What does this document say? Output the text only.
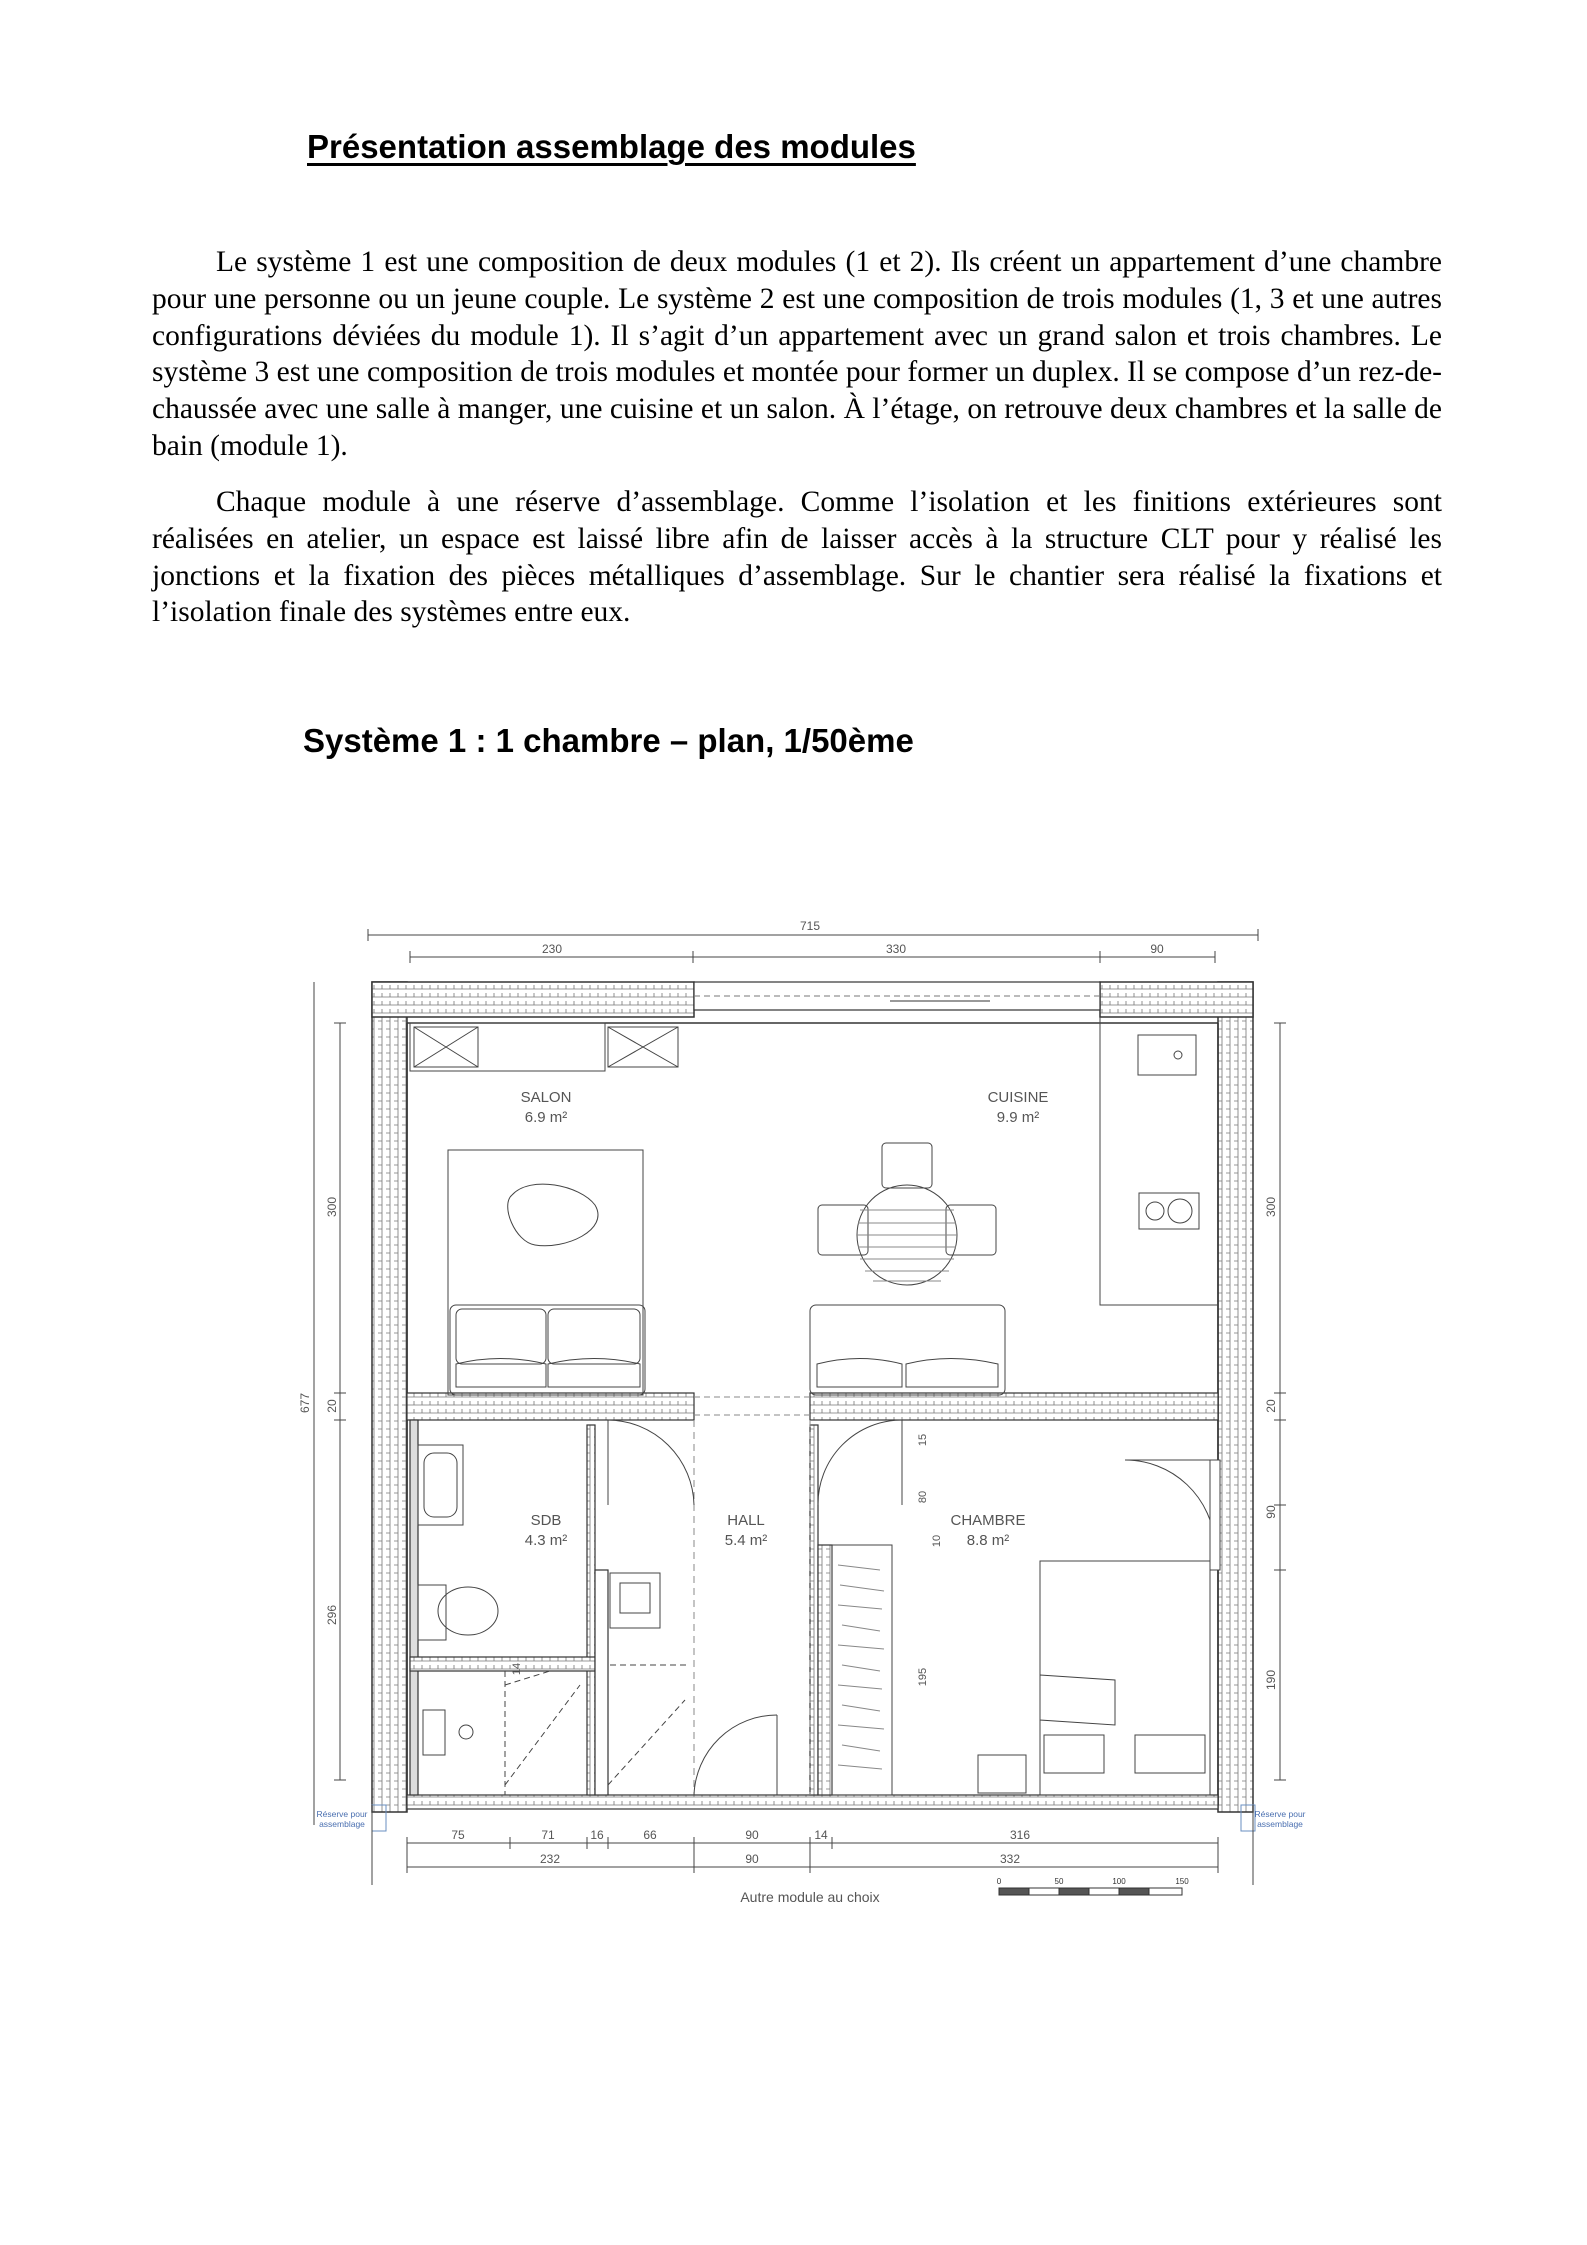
Présentation assemblage des modules

Le système 1 est une composition de deux modules (1 et 2). Ils créent un appartement d’une chambre pour une personne ou un jeune couple. Le système 2 est une composition de trois modules (1, 3 et une autres configurations déviées du module 1). Il s’agit d’un appartement avec un grand salon et trois chambres. Le système 3 est une composition de trois modules et montée pour former un duplex. Il se compose d’un rez-de-chaussée avec une salle à manger, une cuisine et un salon. À l’étage, on retrouve deux chambres et la salle de bain (module 1).

Chaque module à une réserve d’assemblage. Comme l’isolation et les finitions extérieures sont réalisées en atelier, un espace est laissé libre afin de laisser accès à la structure CLT pour y réalisé les jonctions et la fixation des pièces métalliques d’assemblage. Sur le chantier sera réalisé la fixations et l’isolation finale des systèmes entre eux.

Système 1 : 1 chambre – plan, 1/50ème
715
230	330	90
677
300
20
296
300
20
90
190
Réserve pour
assemblage
Réserve pour
assemblage
SALON
6.9 m²
CUISINE
9.9 m²
SDB
4.3 m²
HALL
5.4 m²
CHAMBRE
8.8 m²
15
80
10
195
14
75	71	16	66	90	14	316
232	90	332
Autre module au choix
0	50	100	150
